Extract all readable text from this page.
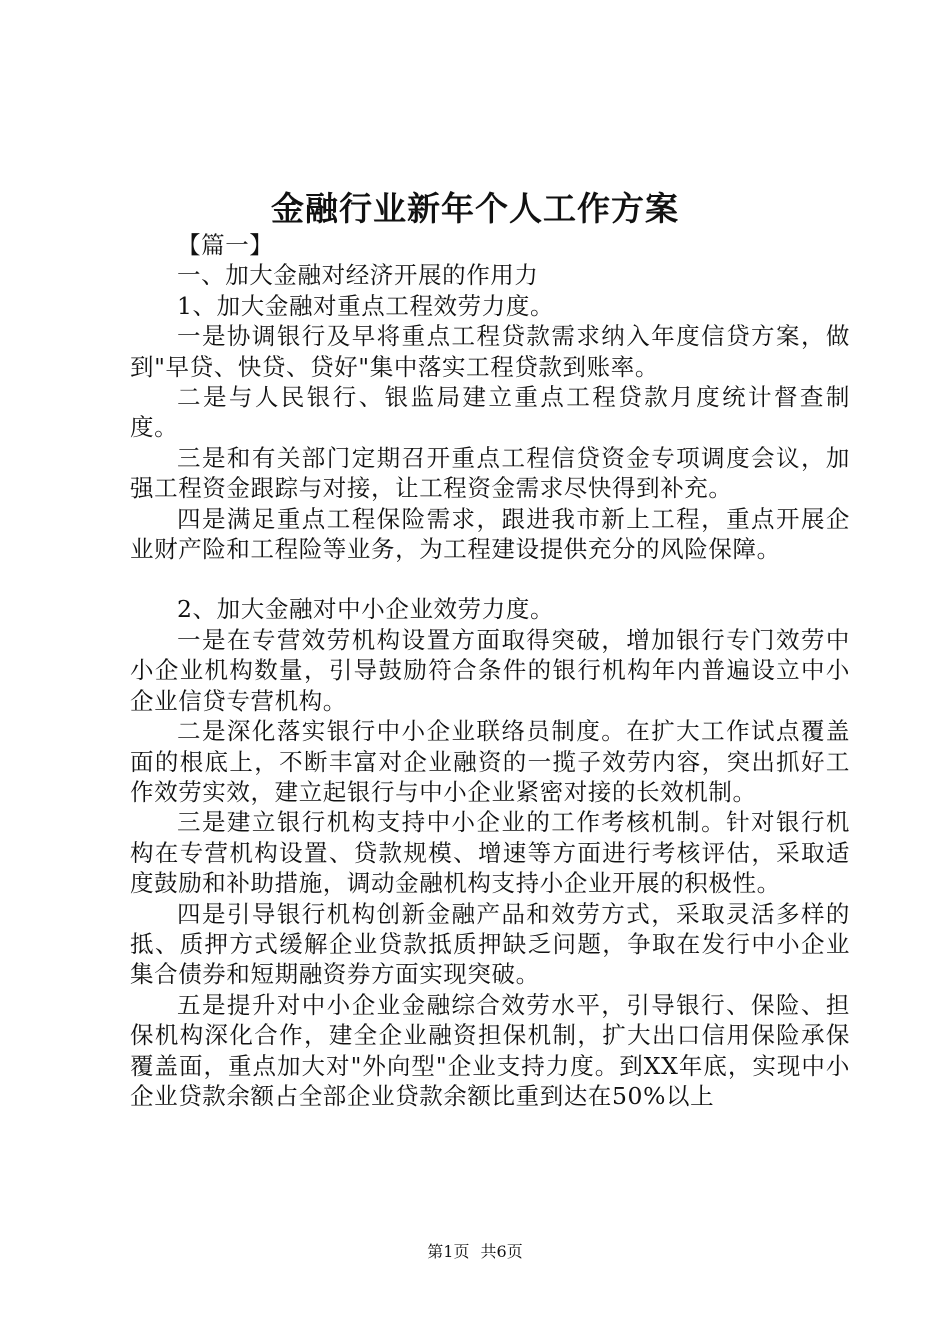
金融行业新年个人工作方案

【篇一】

一、加大金融对经济开展的作用力

1、加大金融对重点工程效劳力度。

一是协调银行及早将重点工程贷款需求纳入年度信贷方案，做到"早贷、快贷、贷好"集中落实工程贷款到账率。

二是与人民银行、银监局建立重点工程贷款月度统计督查制度。

三是和有关部门定期召开重点工程信贷资金专项调度会议，加强工程资金跟踪与对接，让工程资金需求尽快得到补充。

四是满足重点工程保险需求，跟进我市新上工程，重点开展企业财产险和工程险等业务，为工程建设提供充分的风险保障。

2、加大金融对中小企业效劳力度。

一是在专营效劳机构设置方面取得突破，增加银行专门效劳中小企业机构数量，引导鼓励符合条件的银行机构年内普遍设立中小企业信贷专营机构。

二是深化落实银行中小企业联络员制度。在扩大工作试点覆盖面的根底上，不断丰富对企业融资的一揽子效劳内容，突出抓好工作效劳实效，建立起银行与中小企业紧密对接的长效机制。

三是建立银行机构支持中小企业的工作考核机制。针对银行机构在专营机构设置、贷款规模、增速等方面进行考核评估，采取适度鼓励和补助措施，调动金融机构支持小企业开展的积极性。

四是引导银行机构创新金融产品和效劳方式，采取灵活多样的抵、质押方式缓解企业贷款抵质押缺乏问题，争取在发行中小企业集合债券和短期融资券方面实现突破。

五是提升对中小企业金融综合效劳水平，引导银行、保险、担保机构深化合作，建全企业融资担保机制，扩大出口信用保险承保覆盖面，重点加大对"外向型"企业支持力度。到XX年底，实现中小企业贷款余额占全部企业贷款余额比重到达在50%以上

第1页 共6页
